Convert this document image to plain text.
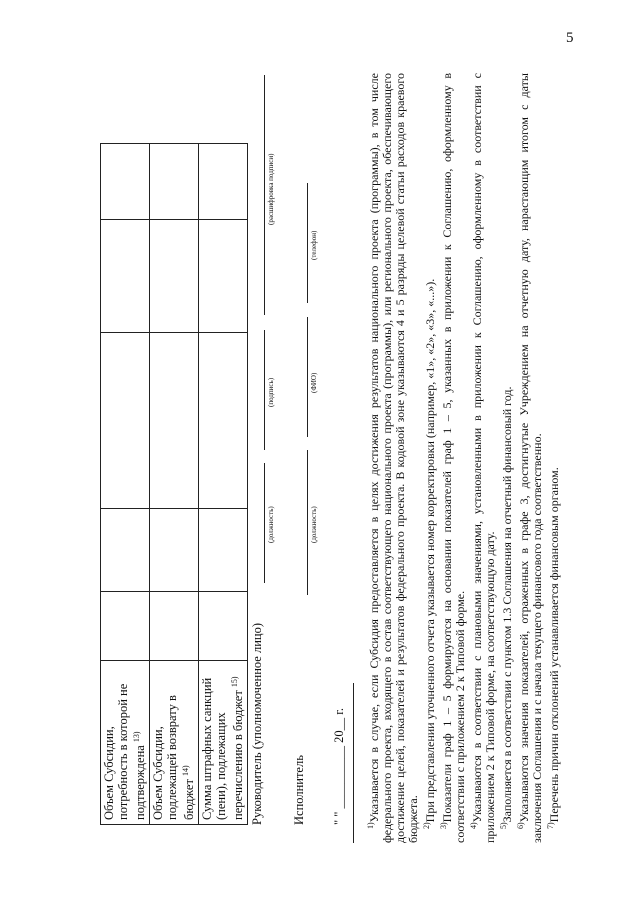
5
Объем Субсидии, потребность в которой не подтверждена $^{13)}$					
Объем Субсидии, подлежащей возврату в бюджет $^{14)}$					
Сумма штрафных санкций (пени), подлежащих перечислению в бюджет $^{15)}$					Руководитель (уполномоченное лицо)
(должность)
(подпись)
(расшифровка подписи)
Исполнитель
(должность)
(ФИО)
(телефон)
" " __________ 20__ г.

$^{1)}$Указывается в случае, если Субсидия предоставляется в целях достижения результатов национального проекта (программы), в том числе федерального проекта, входящего в состав соответствующего национального проекта (программы), или регионального проекта, обеспечивающего достижение целей, показателей и результатов федерального проекта. В кодовой зоне указываются 4 и 5 разряды целевой статьи расходов краевого бюджета. $^{2)}$При представлении уточненного отчета указывается номер корректировки (например, «1», «2», «3», «...»).

$^{3)}$Показатели граф 1 – 5 формируются на основании показателей граф 1 – 5, указанных в приложении к Соглашению, оформленному в соответствии с приложением 2 к Типовой форме. $^{4)}$Указываются в соответствии с плановыми значениями, установленными в приложении к Соглашению, оформленному в соответствии с приложением 2 к Типовой форме, на соответствующую дату. $^{5)}$Заполняется в соответствии с пунктом 1.3 Соглашения на отчетный финансовый год.

$^{6)}$Указываются значения показателей, отраженных в графе 3, достигнутые Учреждением на отчетную дату, нарастающим итогом с даты заключения Соглашения и с начала текущего финансового года соответственно. $^{7)}$Перечень причин отклонений устанавливается финансовым органом.
